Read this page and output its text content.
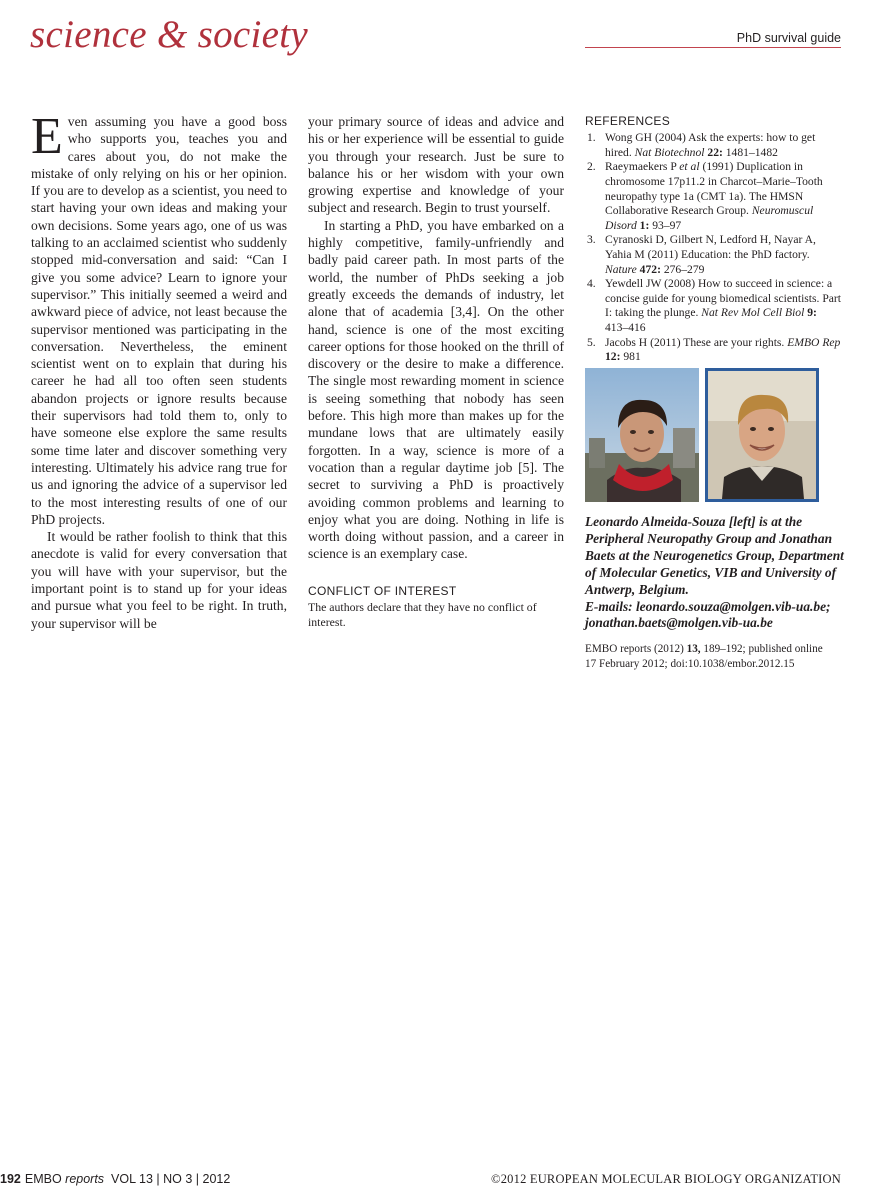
science & society	PhD survival guide

Even assuming you have a good boss who supports you, teaches you and cares about you, do not make the mistake of only relying on his or her opinion. If you are to develop as a scientist, you need to start having your own ideas and making your own decisions. Some years ago, one of us was talking to an acclaimed scientist who suddenly stopped mid-conversation and said: “Can I give you some advice? Learn to ignore your supervisor.” This initially seemed a weird and awkward piece of advice, not least because the supervisor mentioned was participating in the conversation. Nevertheless, the eminent scientist went on to explain that during his career he had all too often seen students abandon projects or ignore results because their supervisors had told them to, only to have someone else explore the same results some time later and discover something very interesting. Ultimately his advice rang true for us and ignoring the advice of a supervisor led to the most interesting results of one of our PhD projects.

It would be rather foolish to think that this anecdote is valid for every conversation that you will have with your supervisor, but the important point is to stand up for your ideas and pursue what you feel to be right. In truth, your supervisor will be

your primary source of ideas and advice and his or her experience will be essential to guide you through your research. Just be sure to balance his or her wisdom with your own growing expertise and knowledge of your subject and research. Begin to trust yourself.

In starting a PhD, you have embarked on a highly competitive, family-unfriendly and badly paid career path. In most parts of the world, the number of PhDs seeking a job greatly exceeds the demands of industry, let alone that of academia [3,4]. On the other hand, science is one of the most exciting career options for those hooked on the thrill of discovery or the desire to make a difference. The single most rewarding moment in science is seeing something that nobody has seen before. This high more than makes up for the mundane lows that are ultimately easily forgotten. In a way, science is more of a vocation than a regular daytime job [5]. The secret to surviving a PhD is proactively avoiding common problems and learning to enjoy what you are doing. Nothing in life is worth doing without passion, and a career in science is an exemplary case.

CONFLICT OF INTEREST
The authors declare that they have no conflict of interest.
REFERENCES
1. Wong GH (2004) Ask the experts: how to get hired. Nat Biotechnol 22: 1481–1482
2. Raeymaekers P et al (1991) Duplication in chromosome 17p11.2 in Charcot–Marie–Tooth neuropathy type 1a (CMT 1a). The HMSN Collaborative Research Group. Neuromuscul Disord 1: 93–97
3. Cyranoski D, Gilbert N, Ledford H, Nayar A, Yahia M (2011) Education: the PhD factory. Nature 472: 276–279
4. Yewdell JW (2008) How to succeed in science: a concise guide for young biomedical scientists. Part I: taking the plunge. Nat Rev Mol Cell Biol 9: 413–416
5. Jacobs H (2011) These are your rights. EMBO Rep 12: 981
Leonardo Almeida-Souza [left] is at the Peripheral Neuropathy Group and Jonathan Baets at the Neurogenetics Group, Department of Molecular Genetics, VIB and University of Antwerp, Belgium.
E-mails: leonardo.souza@molgen.vib-ua.be; jonathan.baets@molgen.vib-ua.be
EMBO reports (2012) 13, 189–192; published online
17 February 2012; doi:10.1038/embor.2012.15
192 EMBO reports VOL 13 | NO 3 | 2012	©2012 EUROPEAN MOLECULAR BIOLOGY ORGANIZATION
